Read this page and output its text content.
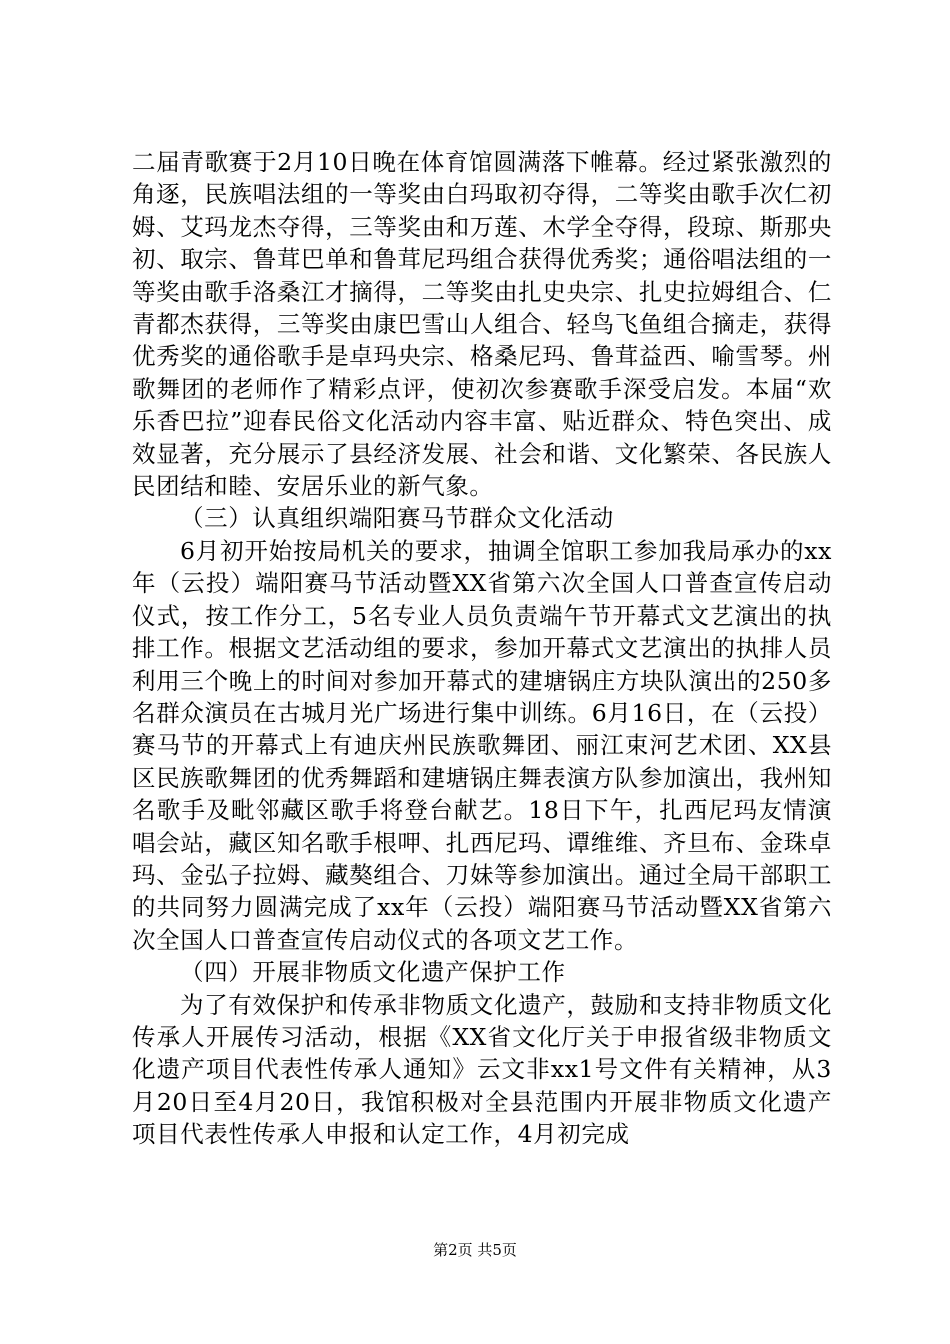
二届青歌赛于2月10日晚在体育馆圆满落下帷幕。经过紧张激烈的角逐，民族唱法组的一等奖由白玛取初夺得，二等奖由歌手次仁初姆、艾玛龙杰夺得，三等奖由和万莲、木学全夺得，段琼、斯那央初、取宗、鲁茸巴单和鲁茸尼玛组合获得优秀奖；通俗唱法组的一等奖由歌手洛桑江才摘得，二等奖由扎史央宗、扎史拉姆组合、仁青都杰获得，三等奖由康巴雪山人组合、轻鸟飞鱼组合摘走，获得优秀奖的通俗歌手是卓玛央宗、格桑尼玛、鲁茸益西、喻雪琴。州歌舞团的老师作了精彩点评，使初次参赛歌手深受启发。本届“欢乐香巴拉”迎春民俗文化活动内容丰富、贴近群众、特色突出、成效显著，充分展示了县经济发展、社会和谐、文化繁荣、各民族人民团结和睦、安居乐业的新气象。

（三）认真组织端阳赛马节群众文化活动

6月初开始按局机关的要求，抽调全馆职工参加我局承办的xx年（云投）端阳赛马节活动暨XX省第六次全国人口普查宣传启动仪式，按工作分工，5名专业人员负责端午节开幕式文艺演出的执排工作。根据文艺活动组的要求，参加开幕式文艺演出的执排人员利用三个晚上的时间对参加开幕式的建塘锅庄方块队演出的250多名群众演员在古城月光广场进行集中训练。6月16日，在（云投）赛马节的开幕式上有迪庆州民族歌舞团、丽江束河艺术团、XX县区民族歌舞团的优秀舞蹈和建塘锅庄舞表演方队参加演出，我州知名歌手及毗邻藏区歌手将登台献艺。18日下午，扎西尼玛友情演唱会站，藏区知名歌手根呷、扎西尼玛、谭维维、齐旦布、金珠卓玛、金弘子拉姆、藏獒组合、刀妹等参加演出。通过全局干部职工的共同努力圆满完成了xx年（云投）端阳赛马节活动暨XX省第六次全国人口普查宣传启动仪式的各项文艺工作。

（四）开展非物质文化遗产保护工作

为了有效保护和传承非物质文化遗产，鼓励和支持非物质文化传承人开展传习活动，根据《XX省文化厅关于申报省级非物质文化遗产项目代表性传承人通知》云文非xx1号文件有关精神，从3月20日至4月20日，我馆积极对全县范围内开展非物质文化遗产项目代表性传承人申报和认定工作，4月初完成

第2页 共5页
